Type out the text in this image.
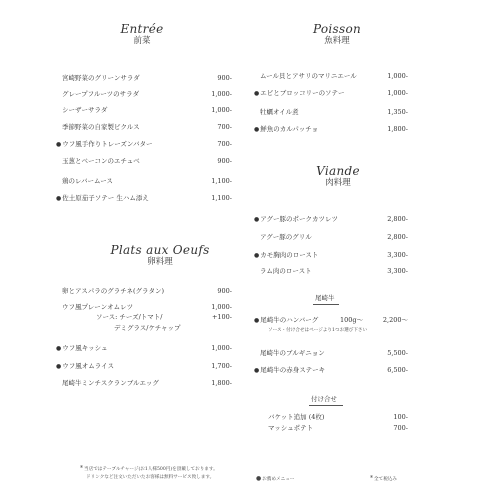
Entrée
前菜
宮崎野菜のグリーンサラダ	900-
グレープフルーツのサラダ	1,000-
シーザーサラダ	1,000-
季節野菜の自家製ピクルス	700-
●ウフ風手作りトレーズンバター	700-
玉葱とベーコンのエチュベ	900-
鶏のレバームース	1,100-
●佐土原茄子ソテー 生ハム添え	1,100-
Plats aux Oeufs
卵料理
卵とアスパラのグラチネ(グラタン)	900-
ウフ風プレーンオムレツ	1,000-
ソース: チーズ/トマト/	+100-
デミグラス/ケチャップ
●ウフ風キッシュ	1,000-
●ウフ風オムライス	1,700-
尾崎牛ミンチスクランブルエッグ	1,800-
Poisson
魚料理
ムール貝とアサリのマリニエール	1,000-
●エビとブロッコリーのソテー	1,000-
牡蠣オイル煮	1,350-
●鮮魚のカルパッチョ	1,800-
Viande
肉料理
●アグー豚のポークカツレツ	2,800-
アグー豚のグリル	2,800-
●カモ胸肉のロースト	3,300-
ラム肉のロースト	3,300-
尾崎牛
●尾崎牛のハンバーグ	100g～	2,200～
ソース・付け合せはページより1つお選び下さい
尾崎牛のブルギニョン	5,500-
●尾崎牛の赤身ステーキ	6,500-
付け合せ
バケット追加 (4枚)	100-
マッシュポテト	700-
*当店ではテーブルチャージ(お1人様500円)を頂戴しております。
ドリンクなど注文いただいたお客様は無料サービス致します。	●お薦めメニュー	*全て税込み
